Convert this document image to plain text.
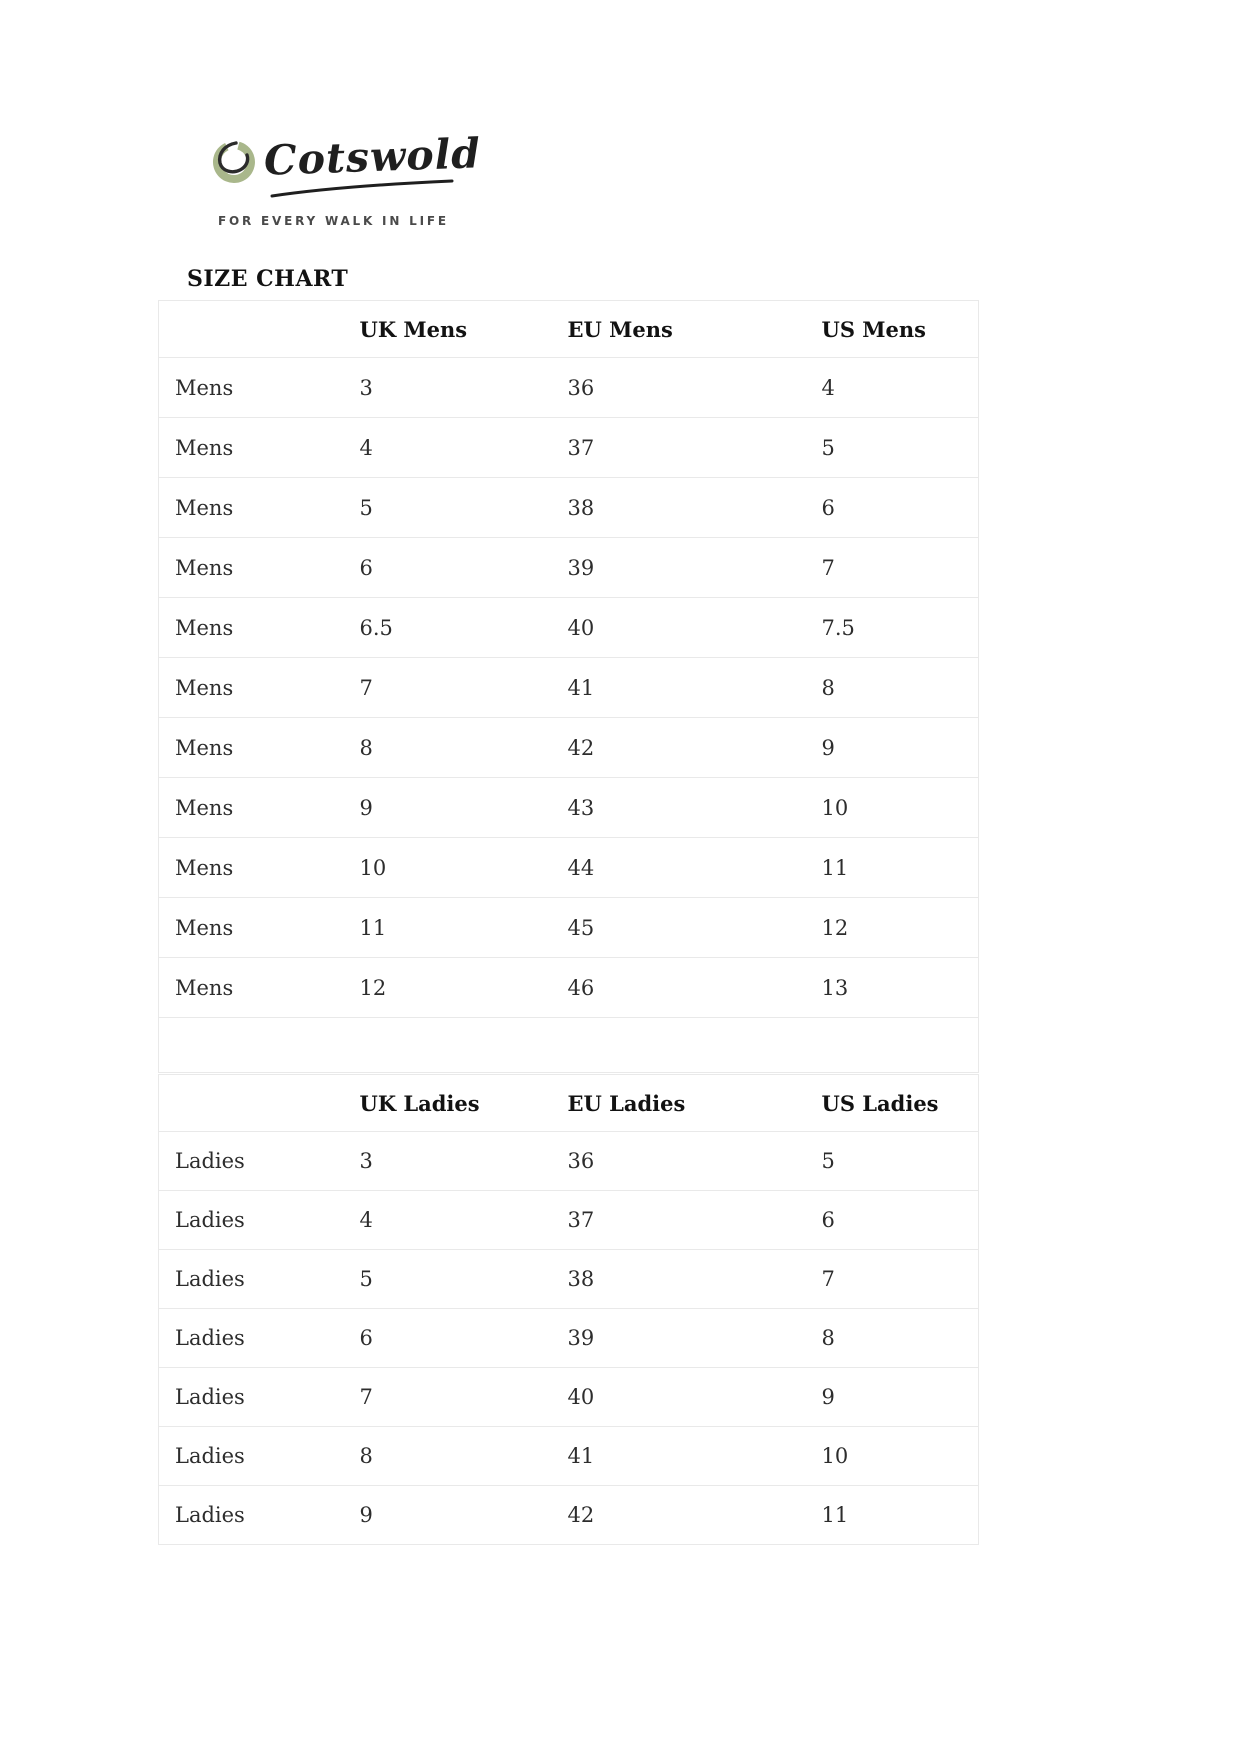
Cotswold
FOR EVERY WALK IN LIFE
SIZE CHART
	UK Mens	EU Mens	US Mens
Mens	3	36	4
Mens	4	37	5
Mens	5	38	6
Mens	6	39	7
Mens	6.5	40	7.5
Mens	7	41	8
Mens	8	42	9
Mens	9	43	10
Mens	10	44	11
Mens	11	45	12
Mens	12	46	13

	UK Ladies	EU Ladies	US Ladies
Ladies	3	36	5
Ladies	4	37	6
Ladies	5	38	7
Ladies	6	39	8
Ladies	7	40	9
Ladies	8	41	10
Ladies	9	42	11
